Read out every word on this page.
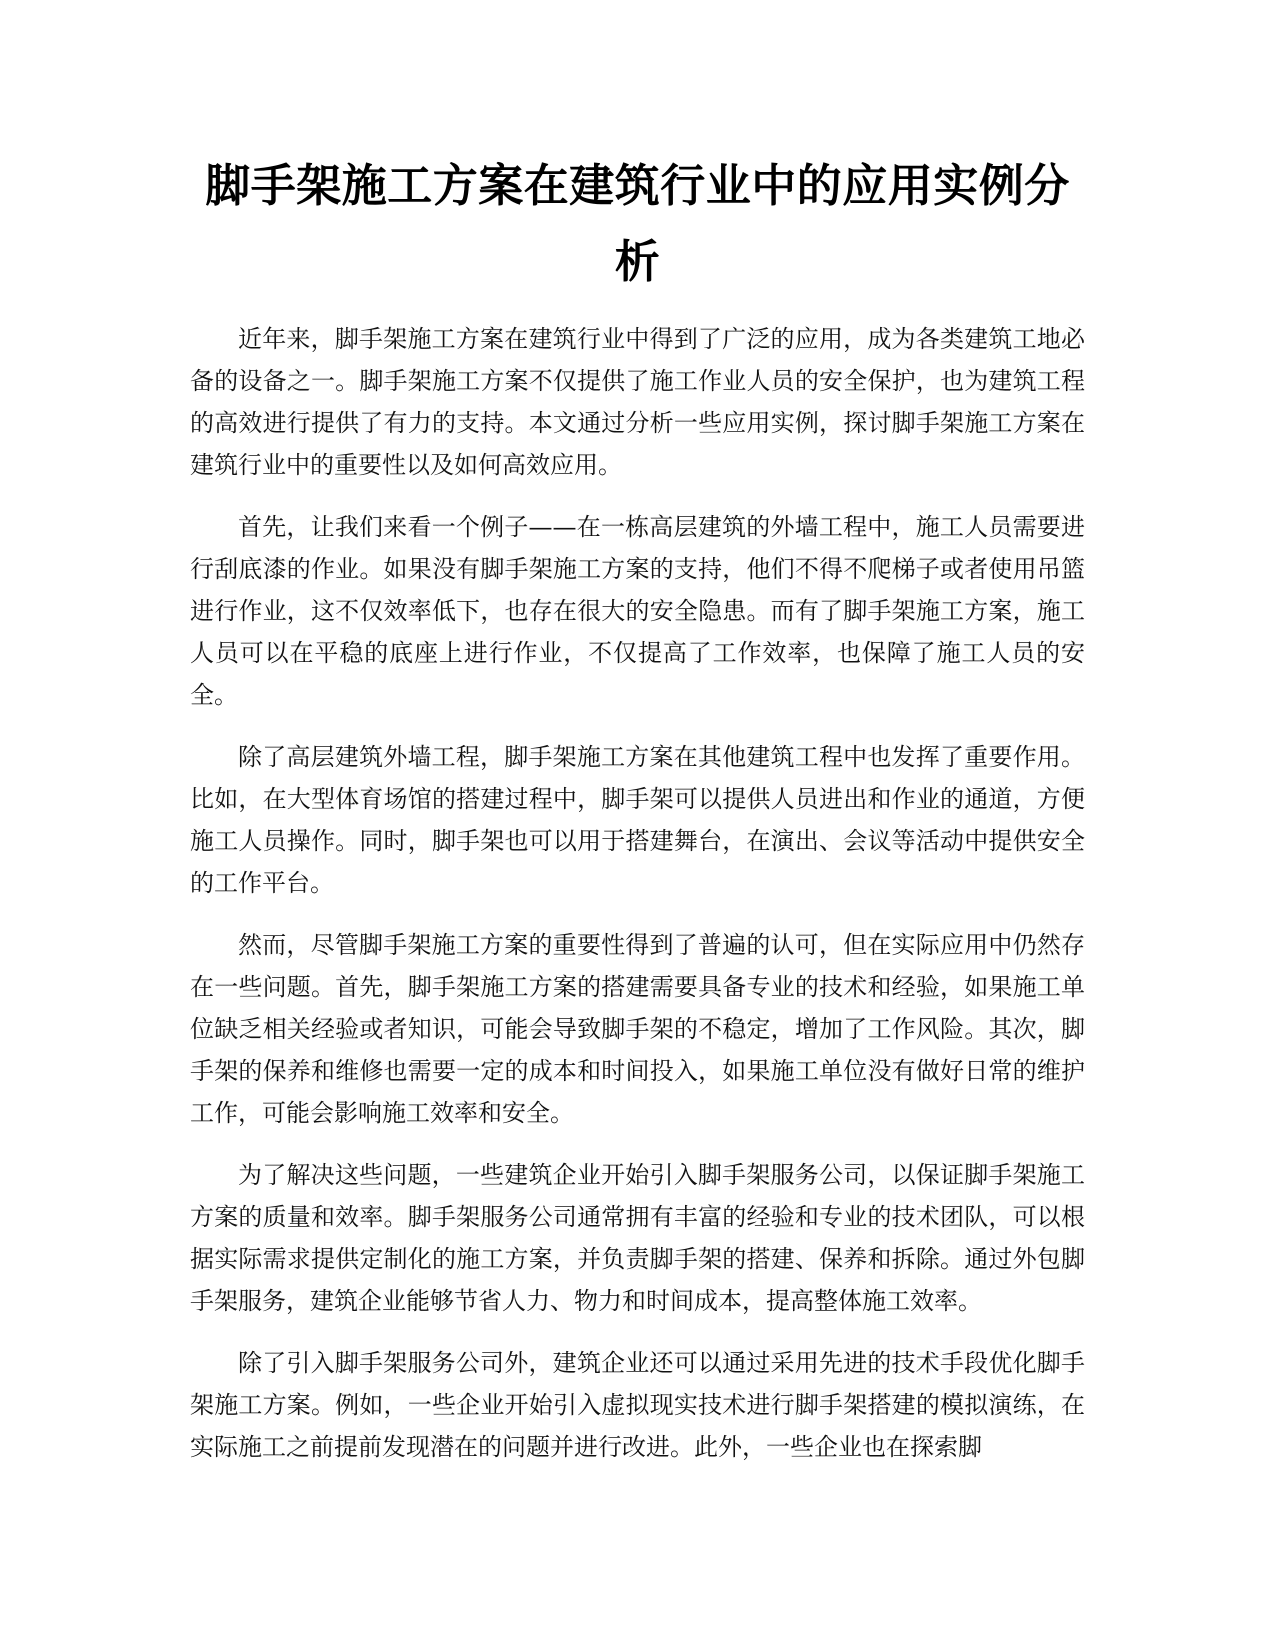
脚手架施工方案在建筑行业中的应用实例分析

近年来，脚手架施工方案在建筑行业中得到了广泛的应用，成为各类建筑工地必备的设备之一。脚手架施工方案不仅提供了施工作业人员的安全保护，也为建筑工程的高效进行提供了有力的支持。本文通过分析一些应用实例，探讨脚手架施工方案在建筑行业中的重要性以及如何高效应用。

首先，让我们来看一个例子——在一栋高层建筑的外墙工程中，施工人员需要进行刮底漆的作业。如果没有脚手架施工方案的支持，他们不得不爬梯子或者使用吊篮进行作业，这不仅效率低下，也存在很大的安全隐患。而有了脚手架施工方案，施工人员可以在平稳的底座上进行作业，不仅提高了工作效率，也保障了施工人员的安全。

除了高层建筑外墙工程，脚手架施工方案在其他建筑工程中也发挥了重要作用。比如，在大型体育场馆的搭建过程中，脚手架可以提供人员进出和作业的通道，方便施工人员操作。同时，脚手架也可以用于搭建舞台，在演出、会议等活动中提供安全的工作平台。

然而，尽管脚手架施工方案的重要性得到了普遍的认可，但在实际应用中仍然存在一些问题。首先，脚手架施工方案的搭建需要具备专业的技术和经验，如果施工单位缺乏相关经验或者知识，可能会导致脚手架的不稳定，增加了工作风险。其次，脚手架的保养和维修也需要一定的成本和时间投入，如果施工单位没有做好日常的维护工作，可能会影响施工效率和安全。

为了解决这些问题，一些建筑企业开始引入脚手架服务公司，以保证脚手架施工方案的质量和效率。脚手架服务公司通常拥有丰富的经验和专业的技术团队，可以根据实际需求提供定制化的施工方案，并负责脚手架的搭建、保养和拆除。通过外包脚手架服务，建筑企业能够节省人力、物力和时间成本，提高整体施工效率。

除了引入脚手架服务公司外，建筑企业还可以通过采用先进的技术手段优化脚手架施工方案。例如，一些企业开始引入虚拟现实技术进行脚手架搭建的模拟演练，在实际施工之前提前发现潜在的问题并进行改进。此外，一些企业也在探索脚
